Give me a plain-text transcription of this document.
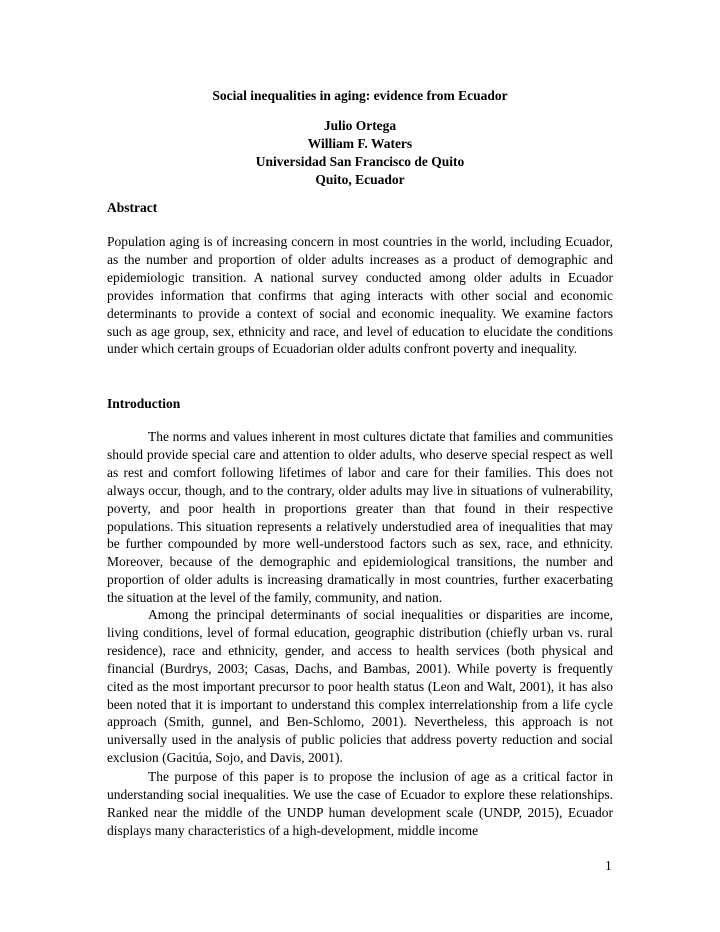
Social inequalities in aging: evidence from Ecuador
Julio Ortega
William F. Waters
Universidad San Francisco de Quito
Quito, Ecuador
Abstract

Population aging is of increasing concern in most countries in the world, including Ecuador, as the number and proportion of older adults increases as a product of demographic and epidemiologic transition. A national survey conducted among older adults in Ecuador provides information that confirms that aging interacts with other social and economic determinants to provide a context of social and economic inequality. We examine factors such as age group, sex, ethnicity and race, and level of education to elucidate the conditions under which certain groups of Ecuadorian older adults confront poverty and inequality.

Introduction

The norms and values inherent in most cultures dictate that families and communities should provide special care and attention to older adults, who deserve special respect as well as rest and comfort following lifetimes of labor and care for their families. This does not always occur, though, and to the contrary, older adults may live in situations of vulnerability, poverty, and poor health in proportions greater than that found in their respective populations. This situation represents a relatively understudied area of inequalities that may be further compounded by more well-understood factors such as sex, race, and ethnicity. Moreover, because of the demographic and epidemiological transitions, the number and proportion of older adults is increasing dramatically in most countries, further exacerbating the situation at the level of the family, community, and nation.

Among the principal determinants of social inequalities or disparities are income, living conditions, level of formal education, geographic distribution (chiefly urban vs. rural residence), race and ethnicity, gender, and access to health services (both physical and financial (Burdrys, 2003; Casas, Dachs, and Bambas, 2001). While poverty is frequently cited as the most important precursor to poor health status (Leon and Walt, 2001), it has also been noted that it is important to understand this complex interrelationship from a life cycle approach (Smith, gunnel, and Ben-Schlomo, 2001). Nevertheless, this approach is not universally used in the analysis of public policies that address poverty reduction and social exclusion (Gacitúa, Sojo, and Davis, 2001).

The purpose of this paper is to propose the inclusion of age as a critical factor in understanding social inequalities. We use the case of Ecuador to explore these relationships. Ranked near the middle of the UNDP human development scale (UNDP, 2015), Ecuador displays many characteristics of a high-development, middle income

1
